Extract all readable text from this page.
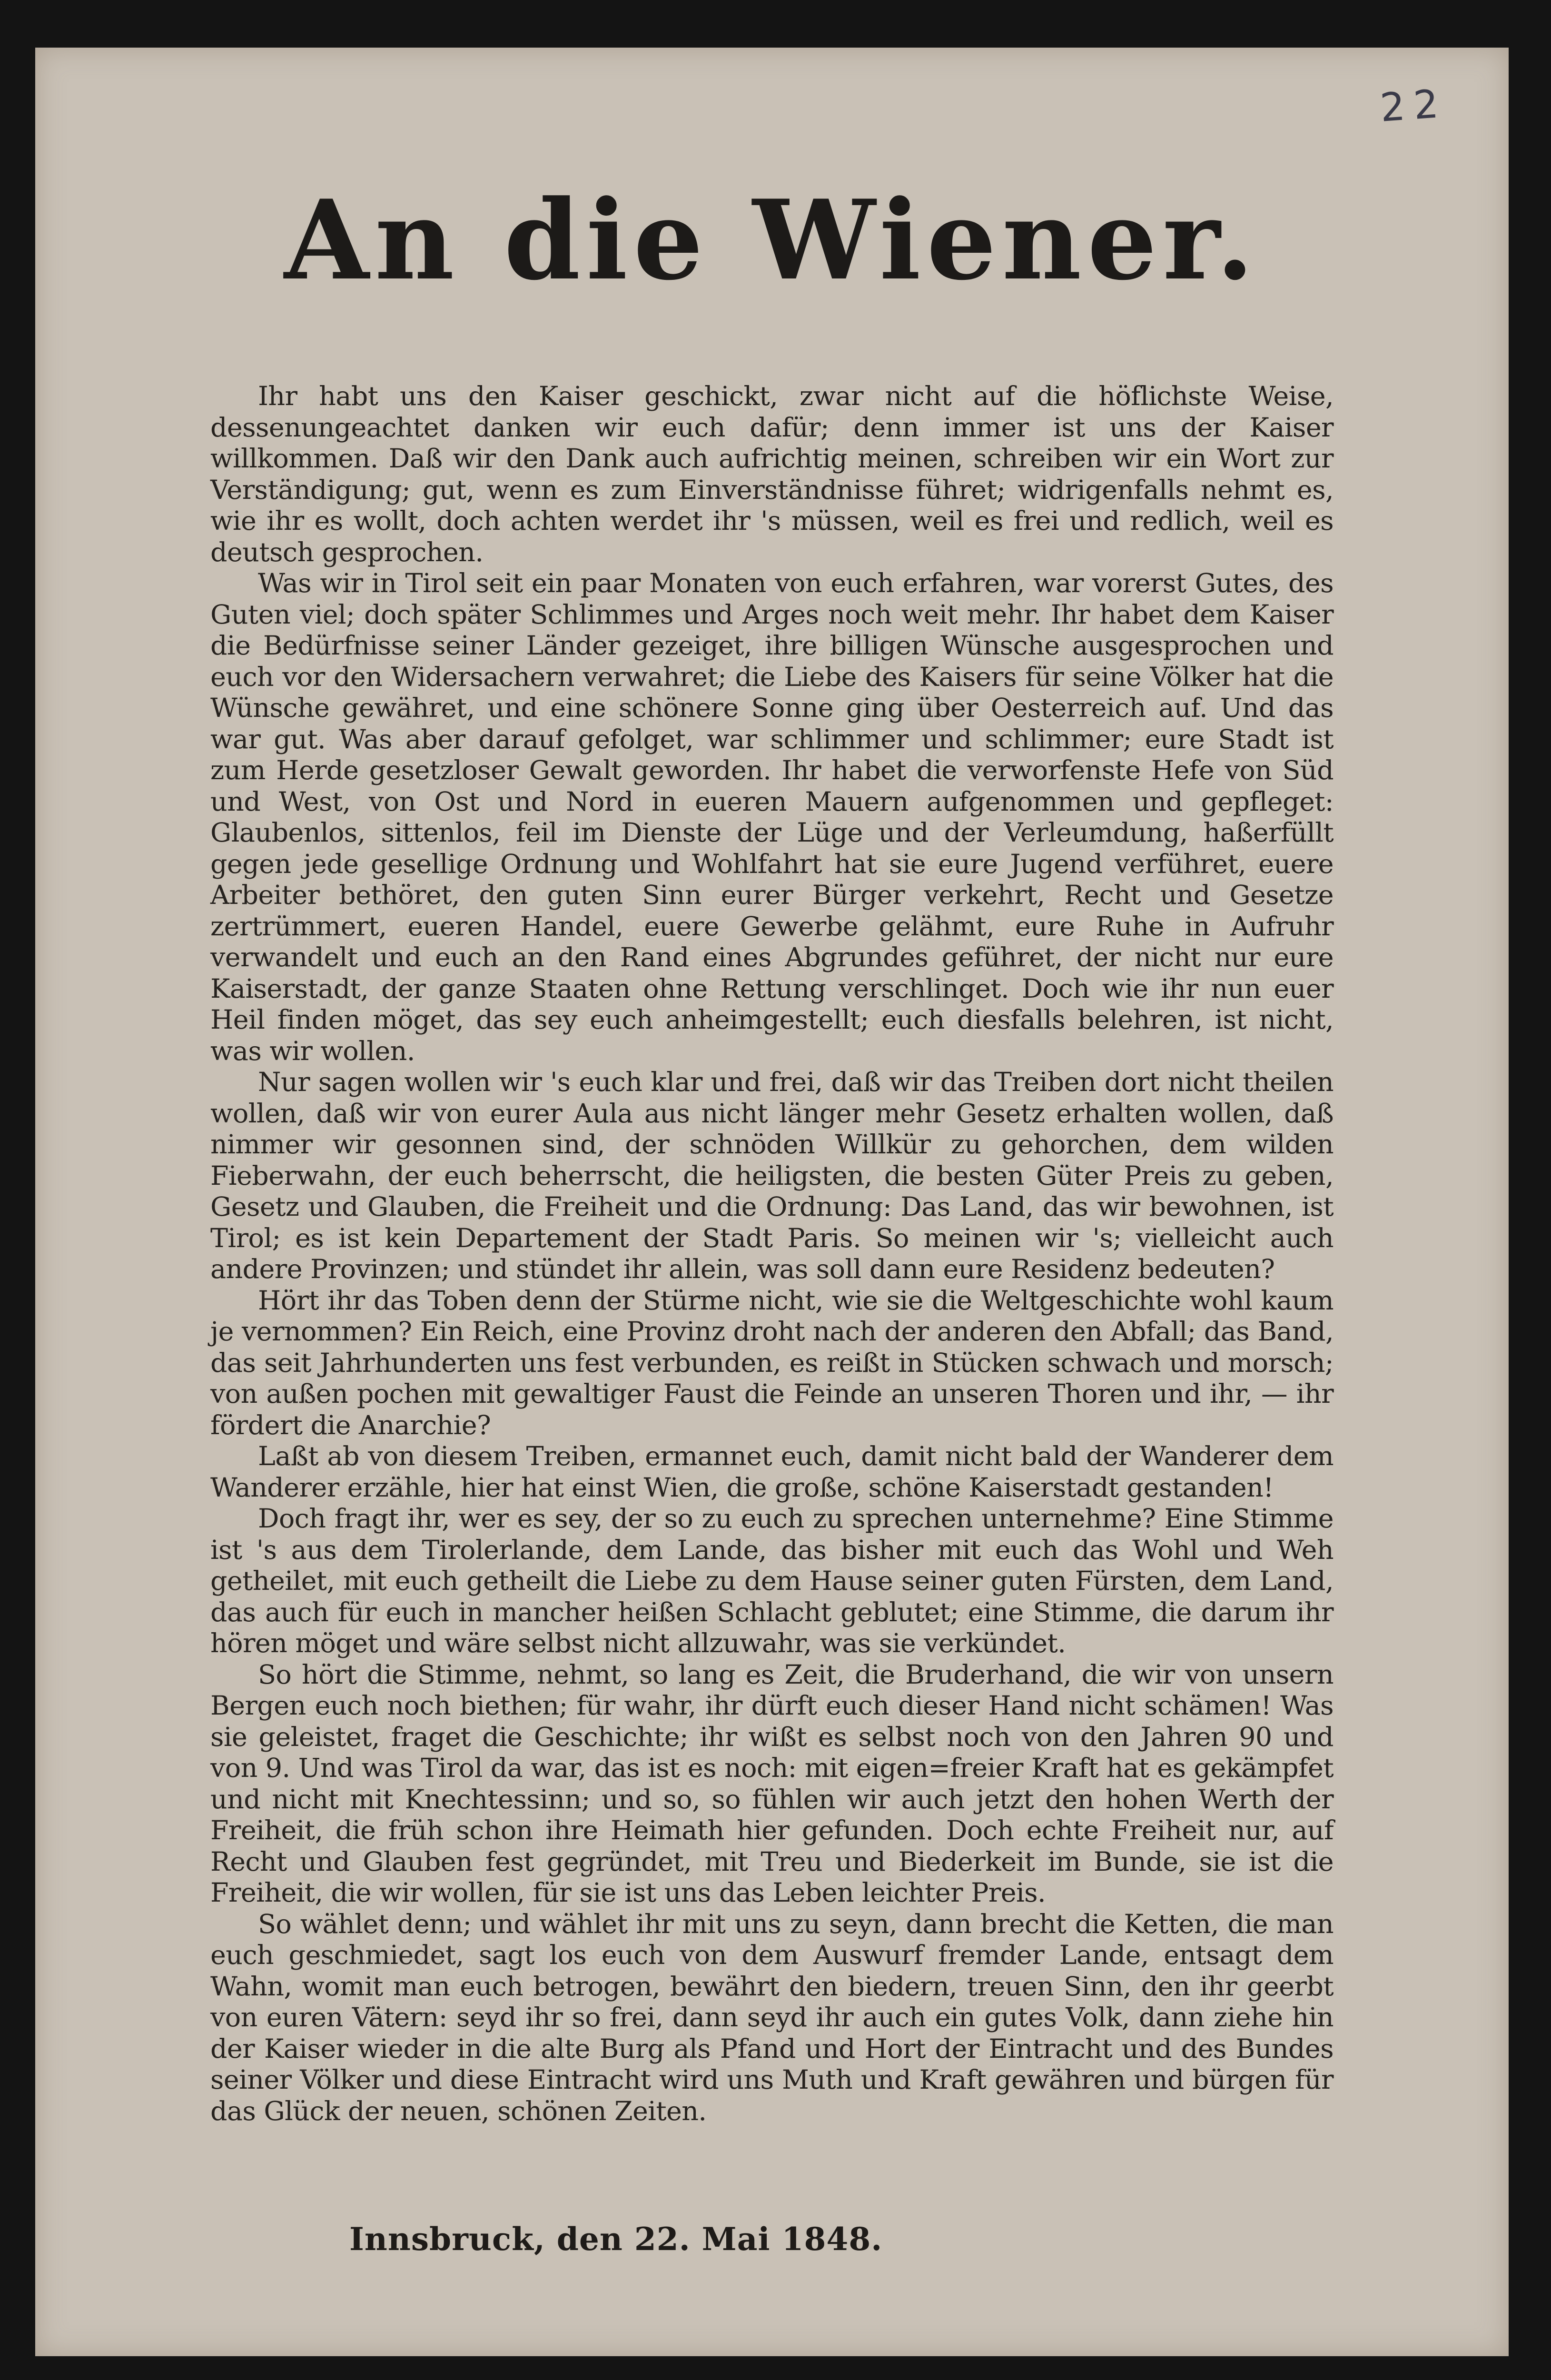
22
An die Wiener.

Ihr habt uns den Kaiser geschickt, zwar nicht auf die höflichste Weise, dessenungeachtet danken wir euch dafür; denn immer ist uns der Kaiser willkommen. Daß wir den Dank auch aufrichtig meinen, schreiben wir ein Wort zur Verständigung; gut, wenn es zum Einverständnisse führet; widrigenfalls nehmt es, wie ihr es wollt, doch achten werdet ihr 's müssen, weil es frei und redlich, weil es deutsch gesprochen.

Was wir in Tirol seit ein paar Monaten von euch erfahren, war vorerst Gutes, des Guten viel; doch später Schlimmes und Arges noch weit mehr. Ihr habet dem Kaiser die Bedürfnisse seiner Länder gezeiget, ihre billigen Wünsche ausgesprochen und euch vor den Widersachern verwahret; die Liebe des Kaisers für seine Völker hat die Wünsche gewähret, und eine schönere Sonne ging über Oesterreich auf. Und das war gut. Was aber darauf gefolget, war schlimmer und schlimmer; eure Stadt ist zum Herde gesetzloser Gewalt geworden. Ihr habet die verworfenste Hefe von Süd und West, von Ost und Nord in eueren Mauern aufgenommen und gepfleget: Glaubenlos, sittenlos, feil im Dienste der Lüge und der Verleumdung, haßerfüllt gegen jede gesellige Ordnung und Wohlfahrt hat sie eure Jugend verführet, euere Arbeiter bethöret, den guten Sinn eurer Bürger verkehrt, Recht und Gesetze zertrümmert, eueren Handel, euere Gewerbe gelähmt, eure Ruhe in Aufruhr verwandelt und euch an den Rand eines Abgrundes geführet, der nicht nur eure Kaiserstadt, der ganze Staaten ohne Rettung verschlinget. Doch wie ihr nun euer Heil finden möget, das sey euch anheimgestellt; euch diesfalls belehren, ist nicht, was wir wollen.

Nur sagen wollen wir 's euch klar und frei, daß wir das Treiben dort nicht theilen wollen, daß wir von eurer Aula aus nicht länger mehr Gesetz erhalten wollen, daß nimmer wir gesonnen sind, der schnöden Willkür zu gehorchen, dem wilden Fieberwahn, der euch beherrscht, die heiligsten, die besten Güter Preis zu geben, Gesetz und Glauben, die Freiheit und die Ordnung: Das Land, das wir bewohnen, ist Tirol; es ist kein Departement der Stadt Paris. So meinen wir 's; vielleicht auch andere Provinzen; und stündet ihr allein, was soll dann eure Residenz bedeuten?

Hört ihr das Toben denn der Stürme nicht, wie sie die Weltgeschichte wohl kaum je vernommen? Ein Reich, eine Provinz droht nach der anderen den Abfall; das Band, das seit Jahrhunderten uns fest verbunden, es reißt in Stücken schwach und morsch; von außen pochen mit gewaltiger Faust die Feinde an unseren Thoren und ihr, — ihr fördert die Anarchie?

Laßt ab von diesem Treiben, ermannet euch, damit nicht bald der Wanderer dem Wanderer erzähle, hier hat einst Wien, die große, schöne Kaiserstadt gestanden!

Doch fragt ihr, wer es sey, der so zu euch zu sprechen unternehme? Eine Stimme ist 's aus dem Tirolerlande, dem Lande, das bisher mit euch das Wohl und Weh getheilet, mit euch getheilt die Liebe zu dem Hause seiner guten Fürsten, dem Land, das auch für euch in mancher heißen Schlacht geblutet; eine Stimme, die darum ihr hören möget und wäre selbst nicht allzuwahr, was sie verkündet.

So hört die Stimme, nehmt, so lang es Zeit, die Bruderhand, die wir von unsern Bergen euch noch biethen; für wahr, ihr dürft euch dieser Hand nicht schämen! Was sie geleistet, fraget die Geschichte; ihr wißt es selbst noch von den Jahren 90 und von 9. Und was Tirol da war, das ist es noch: mit eigen=freier Kraft hat es gekämpfet und nicht mit Knechtessinn; und so, so fühlen wir auch jetzt den hohen Werth der Freiheit, die früh schon ihre Heimath hier gefunden. Doch echte Freiheit nur, auf Recht und Glauben fest gegründet, mit Treu und Biederkeit im Bunde, sie ist die Freiheit, die wir wollen, für sie ist uns das Leben leichter Preis.

So wählet denn; und wählet ihr mit uns zu seyn, dann brecht die Ketten, die man euch geschmiedet, sagt los euch von dem Auswurf fremder Lande, entsagt dem Wahn, womit man euch betrogen, bewährt den biedern, treuen Sinn, den ihr geerbt von euren Vätern: seyd ihr so frei, dann seyd ihr auch ein gutes Volk, dann ziehe hin der Kaiser wieder in die alte Burg als Pfand und Hort der Eintracht und des Bundes seiner Völker und diese Eintracht wird uns Muth und Kraft gewähren und bürgen für das Glück der neuen, schönen Zeiten.

Innsbruck, den 22. Mai 1848.
